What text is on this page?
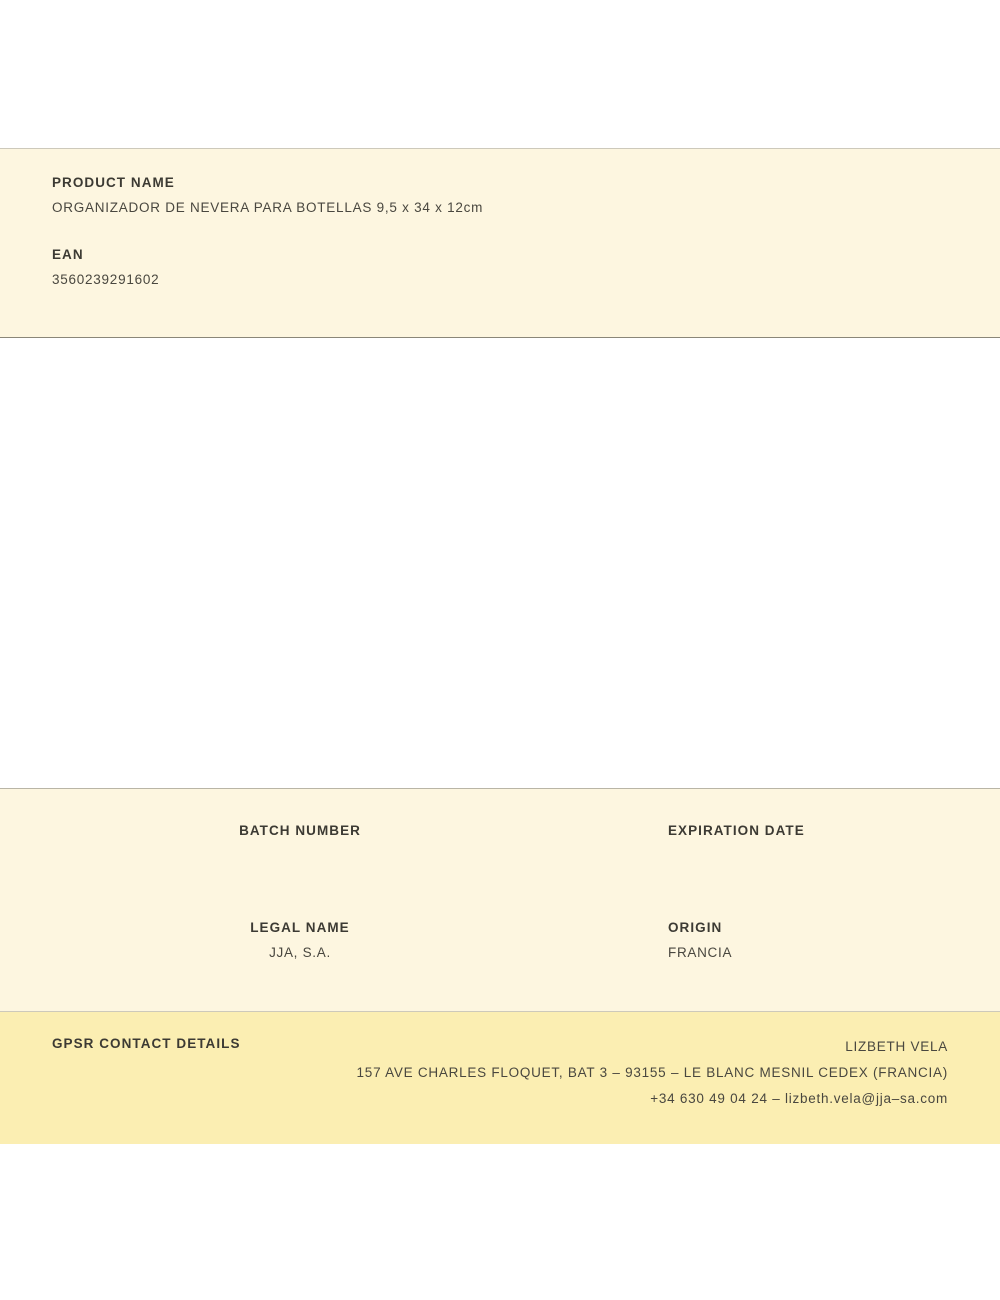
PRODUCT NAME
ORGANIZADOR DE NEVERA PARA BOTELLAS 9,5 x 34 x 12cm
EAN
3560239291602
BATCH NUMBER	EXPIRATION DATE
LEGAL NAME
JJA, S.A.
ORIGIN
FRANCIA
GPSR CONTACT DETAILS	LIZBETH VELA
157 AVE CHARLES FLOQUET, BAT 3 – 93155 – LE BLANC MESNIL CEDEX (FRANCIA)
+34 630 49 04 24 – lizbeth.vela@jja–sa.com
